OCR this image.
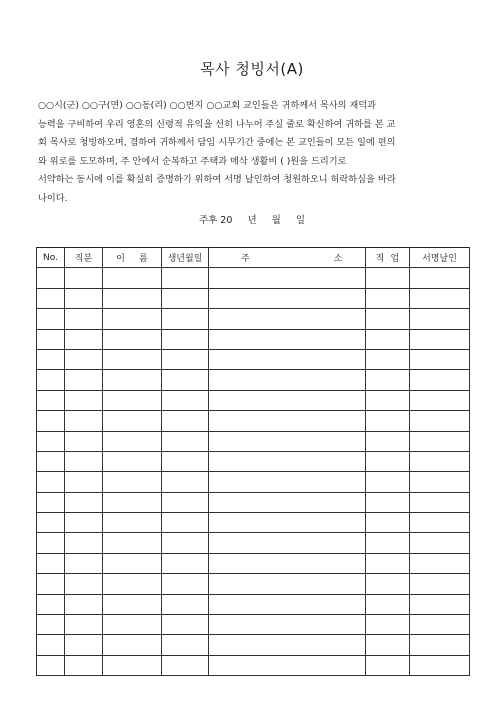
목사 청빙서(A)
○○시(군) ○○구(면) ○○동(리) ○○번지 ○○교회 교인들은 귀하께서 목사의 재덕과
능력을 구비하여 우리 영혼의 신령적 유익을 선히 나누어 주실 줄로 확신하여 귀하를 본 교
회 목사로 청빙하오며, 겸하여 귀하께서 담임 시무기간 중에는 본 교인들이 모든 일에 편의
와 위로를 도모하며, 주 안에서 순복하고 주택과 매삭 생활비 ( )원을 드리기로
서약하는 동시에 이를 확실히 증명하기 위하여 서명 날인하여 청원하오니 허락하심을 바라
나이다.
주후 20 년 월 일
No.	직분	이 름	생년월일	주 소	직 업	서명날인
